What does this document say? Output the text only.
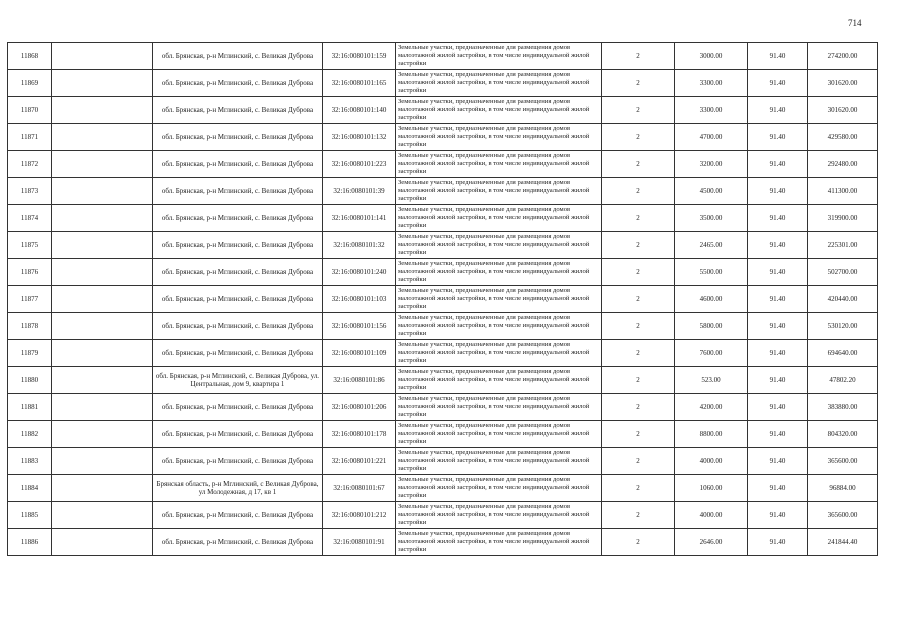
714
11868		обл. Брянская, р-н Мглинский, с. Великая Дуброва	32:16:0080101:159	Земельные участки, предназначенные для размещения домов малоэтажной жилой застройки, в том числе индивидуальной жилой застройки	2	3000.00	91.40	274200.00
11869		обл. Брянская, р-н Мглинский, с. Великая Дуброва	32:16:0080101:165	Земельные участки, предназначенные для размещения домов малоэтажной жилой застройки, в том числе индивидуальной жилой застройки	2	3300.00	91.40	301620.00
11870		обл. Брянская, р-н Мглинский, с. Великая Дуброва	32:16:0080101:140	Земельные участки, предназначенные для размещения домов малоэтажной жилой застройки, в том числе индивидуальной жилой застройки	2	3300.00	91.40	301620.00
11871		обл. Брянская, р-н Мглинский, с. Великая Дуброва	32:16:0080101:132	Земельные участки, предназначенные для размещения домов малоэтажной жилой застройки, в том числе индивидуальной жилой застройки	2	4700.00	91.40	429580.00
11872		обл. Брянская, р-н Мглинский, с. Великая Дуброва	32:16:0080101:223	Земельные участки, предназначенные для размещения домов малоэтажной жилой застройки, в том числе индивидуальной жилой застройки	2	3200.00	91.40	292480.00
11873		обл. Брянская, р-н Мглинский, с. Великая Дуброва	32:16:0080101:39	Земельные участки, предназначенные для размещения домов малоэтажной жилой застройки, в том числе индивидуальной жилой застройки	2	4500.00	91.40	411300.00
11874		обл. Брянская, р-н Мглинский, с. Великая Дуброва	32:16:0080101:141	Земельные участки, предназначенные для размещения домов малоэтажной жилой застройки, в том числе индивидуальной жилой застройки	2	3500.00	91.40	319900.00
11875		обл. Брянская, р-н Мглинский, с. Великая Дуброва	32:16:0080101:32	Земельные участки, предназначенные для размещения домов малоэтажной жилой застройки, в том числе индивидуальной жилой застройки	2	2465.00	91.40	225301.00
11876		обл. Брянская, р-н Мглинский, с. Великая Дуброва	32:16:0080101:240	Земельные участки, предназначенные для размещения домов малоэтажной жилой застройки, в том числе индивидуальной жилой застройки	2	5500.00	91.40	502700.00
11877		обл. Брянская, р-н Мглинский, с. Великая Дуброва	32:16:0080101:103	Земельные участки, предназначенные для размещения домов малоэтажной жилой застройки, в том числе индивидуальной жилой застройки	2	4600.00	91.40	420440.00
11878		обл. Брянская, р-н Мглинский, с. Великая Дуброва	32:16:0080101:156	Земельные участки, предназначенные для размещения домов малоэтажной жилой застройки, в том числе индивидуальной жилой застройки	2	5800.00	91.40	530120.00
11879		обл. Брянская, р-н Мглинский, с. Великая Дуброва	32:16:0080101:109	Земельные участки, предназначенные для размещения домов малоэтажной жилой застройки, в том числе индивидуальной жилой застройки	2	7600.00	91.40	694640.00
11880		обл. Брянская, р-н Мглинский, с. Великая Дуброва, ул. Центральная, дом 9, квартира 1	32:16:0080101:86	Земельные участки, предназначенные для размещения домов малоэтажной жилой застройки, в том числе индивидуальной жилой застройки	2	523.00	91.40	47802.20
11881		обл. Брянская, р-н Мглинский, с. Великая Дуброва	32:16:0080101:206	Земельные участки, предназначенные для размещения домов малоэтажной жилой застройки, в том числе индивидуальной жилой застройки	2	4200.00	91.40	383880.00
11882		обл. Брянская, р-н Мглинский, с. Великая Дуброва	32:16:0080101:178	Земельные участки, предназначенные для размещения домов малоэтажной жилой застройки, в том числе индивидуальной жилой застройки	2	8800.00	91.40	804320.00
11883		обл. Брянская, р-н Мглинский, с. Великая Дуброва	32:16:0080101:221	Земельные участки, предназначенные для размещения домов малоэтажной жилой застройки, в том числе индивидуальной жилой застройки	2	4000.00	91.40	365600.00
11884		Брянская область, р-н Мглинский, с Великая Дуброва, ул Молодежная, д 17, кв 1	32:16:0080101:67	Земельные участки, предназначенные для размещения домов малоэтажной жилой застройки, в том числе индивидуальной жилой застройки	2	1060.00	91.40	96884.00
11885		обл. Брянская, р-н Мглинский, с. Великая Дуброва	32:16:0080101:212	Земельные участки, предназначенные для размещения домов малоэтажной жилой застройки, в том числе индивидуальной жилой застройки	2	4000.00	91.40	365600.00
11886		обл. Брянская, р-н Мглинский, с. Великая Дуброва	32:16:0080101:91	Земельные участки, предназначенные для размещения домов малоэтажной жилой застройки, в том числе индивидуальной жилой застройки	2	2646.00	91.40	241844.40
